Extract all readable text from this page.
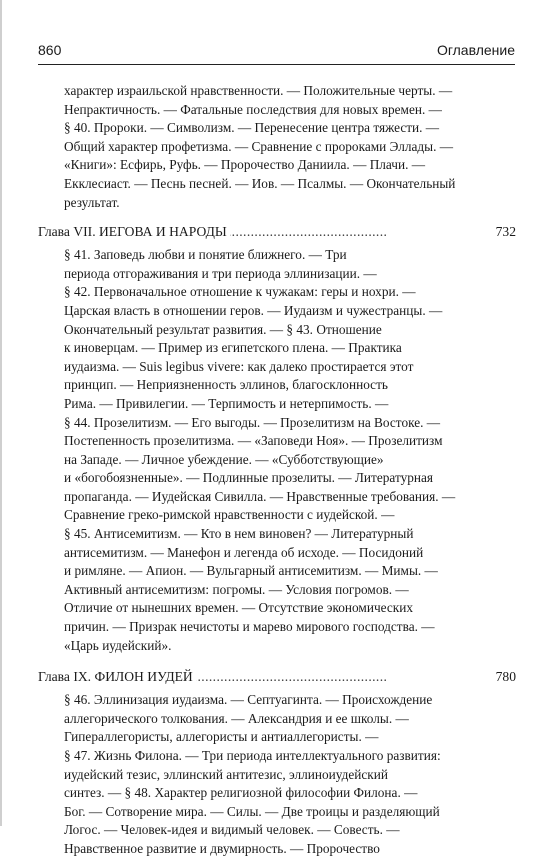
860	Оглавление
характер израильской нравственности. — Положительные черты. —
Непрактичность. — Фатальные последствия для новых времен. —
§ 40. Пророки. — Символизм. — Перенесение центра тяжести. —
Общий характер профетизма. — Сравнение с пророками Эллады. —
«Книги»: Есфирь, Руфь. — Пророчество Даниила. — Плачи. —
Екклесиаст. — Песнь песней. — Иов. — Псалмы. — Окончательный
результат.
. . .
Глава VII. ИЕГОВА И НАРОДЫ	732
§ 41. Заповедь любви и понятие ближнего. — Три
периода отгораживания и три периода эллинизации. —
§ 42. Первоначальное отношение к чужакам: геры и нохри. —
Царская власть в отношении геров. — Иудаизм и чужестранцы. —
Окончательный результат развития. — § 43. Отношение
к иноверцам. — Пример из египетского плена. — Практика
иудаизма. — Suis legibus vivere: как далеко простирается этот
принцип. — Неприязненность эллинов, благосклонность
Рима. — Привилегии. — Терпимость и нетерпимость. —
§ 44. Прозелитизм. — Его выгоды. — Прозелитизм на Востоке. —
Постепенность прозелитизма. — «Заповеди Ноя». — Прозелитизм
на Западе. — Личное убеждение. — «Субботствующие»
и «богобоязненные». — Подлинные прозелиты. — Литературная
пропаганда. — Иудейская Сивилла. — Нравственные требования. —
Сравнение греко-римской нравственности с иудейской. —
§ 45. Антисемитизм. — Кто в нем виновен? — Литературный
антисемитизм. — Манефон и легенда об исходе. — Посидоний
и римляне. — Апион. — Вульгарный антисемитизм. — Мимы. —
Активный антисемитизм: погромы. — Условия погромов. —
Отличие от нынешних времен. — Отсутствие экономических
причин. — Призрак нечистоты и марево мирового господства. —
«Царь иудейский».
. . .
Глава IX. ФИЛОН ИУДЕЙ	780
§ 46. Эллинизация иудаизма. — Септуагинта. — Происхождение
аллегорического толкования. — Александрия и ее школы. —
Гипераллегористы, аллегористы и антиаллегористы. —
§ 47. Жизнь Филона. — Три периода интеллектуального развития:
иудейский тезис, эллинский антитезис, эллиноиудейский
синтез. — § 48. Характер религиозной философии Филона. —
Бог. — Сотворение мира. — Силы. — Две троицы и разделяющий
Логос. — Человек-идея и видимый человек. — Совесть. —
Нравственное развитие и двумирность. — Пророчество
